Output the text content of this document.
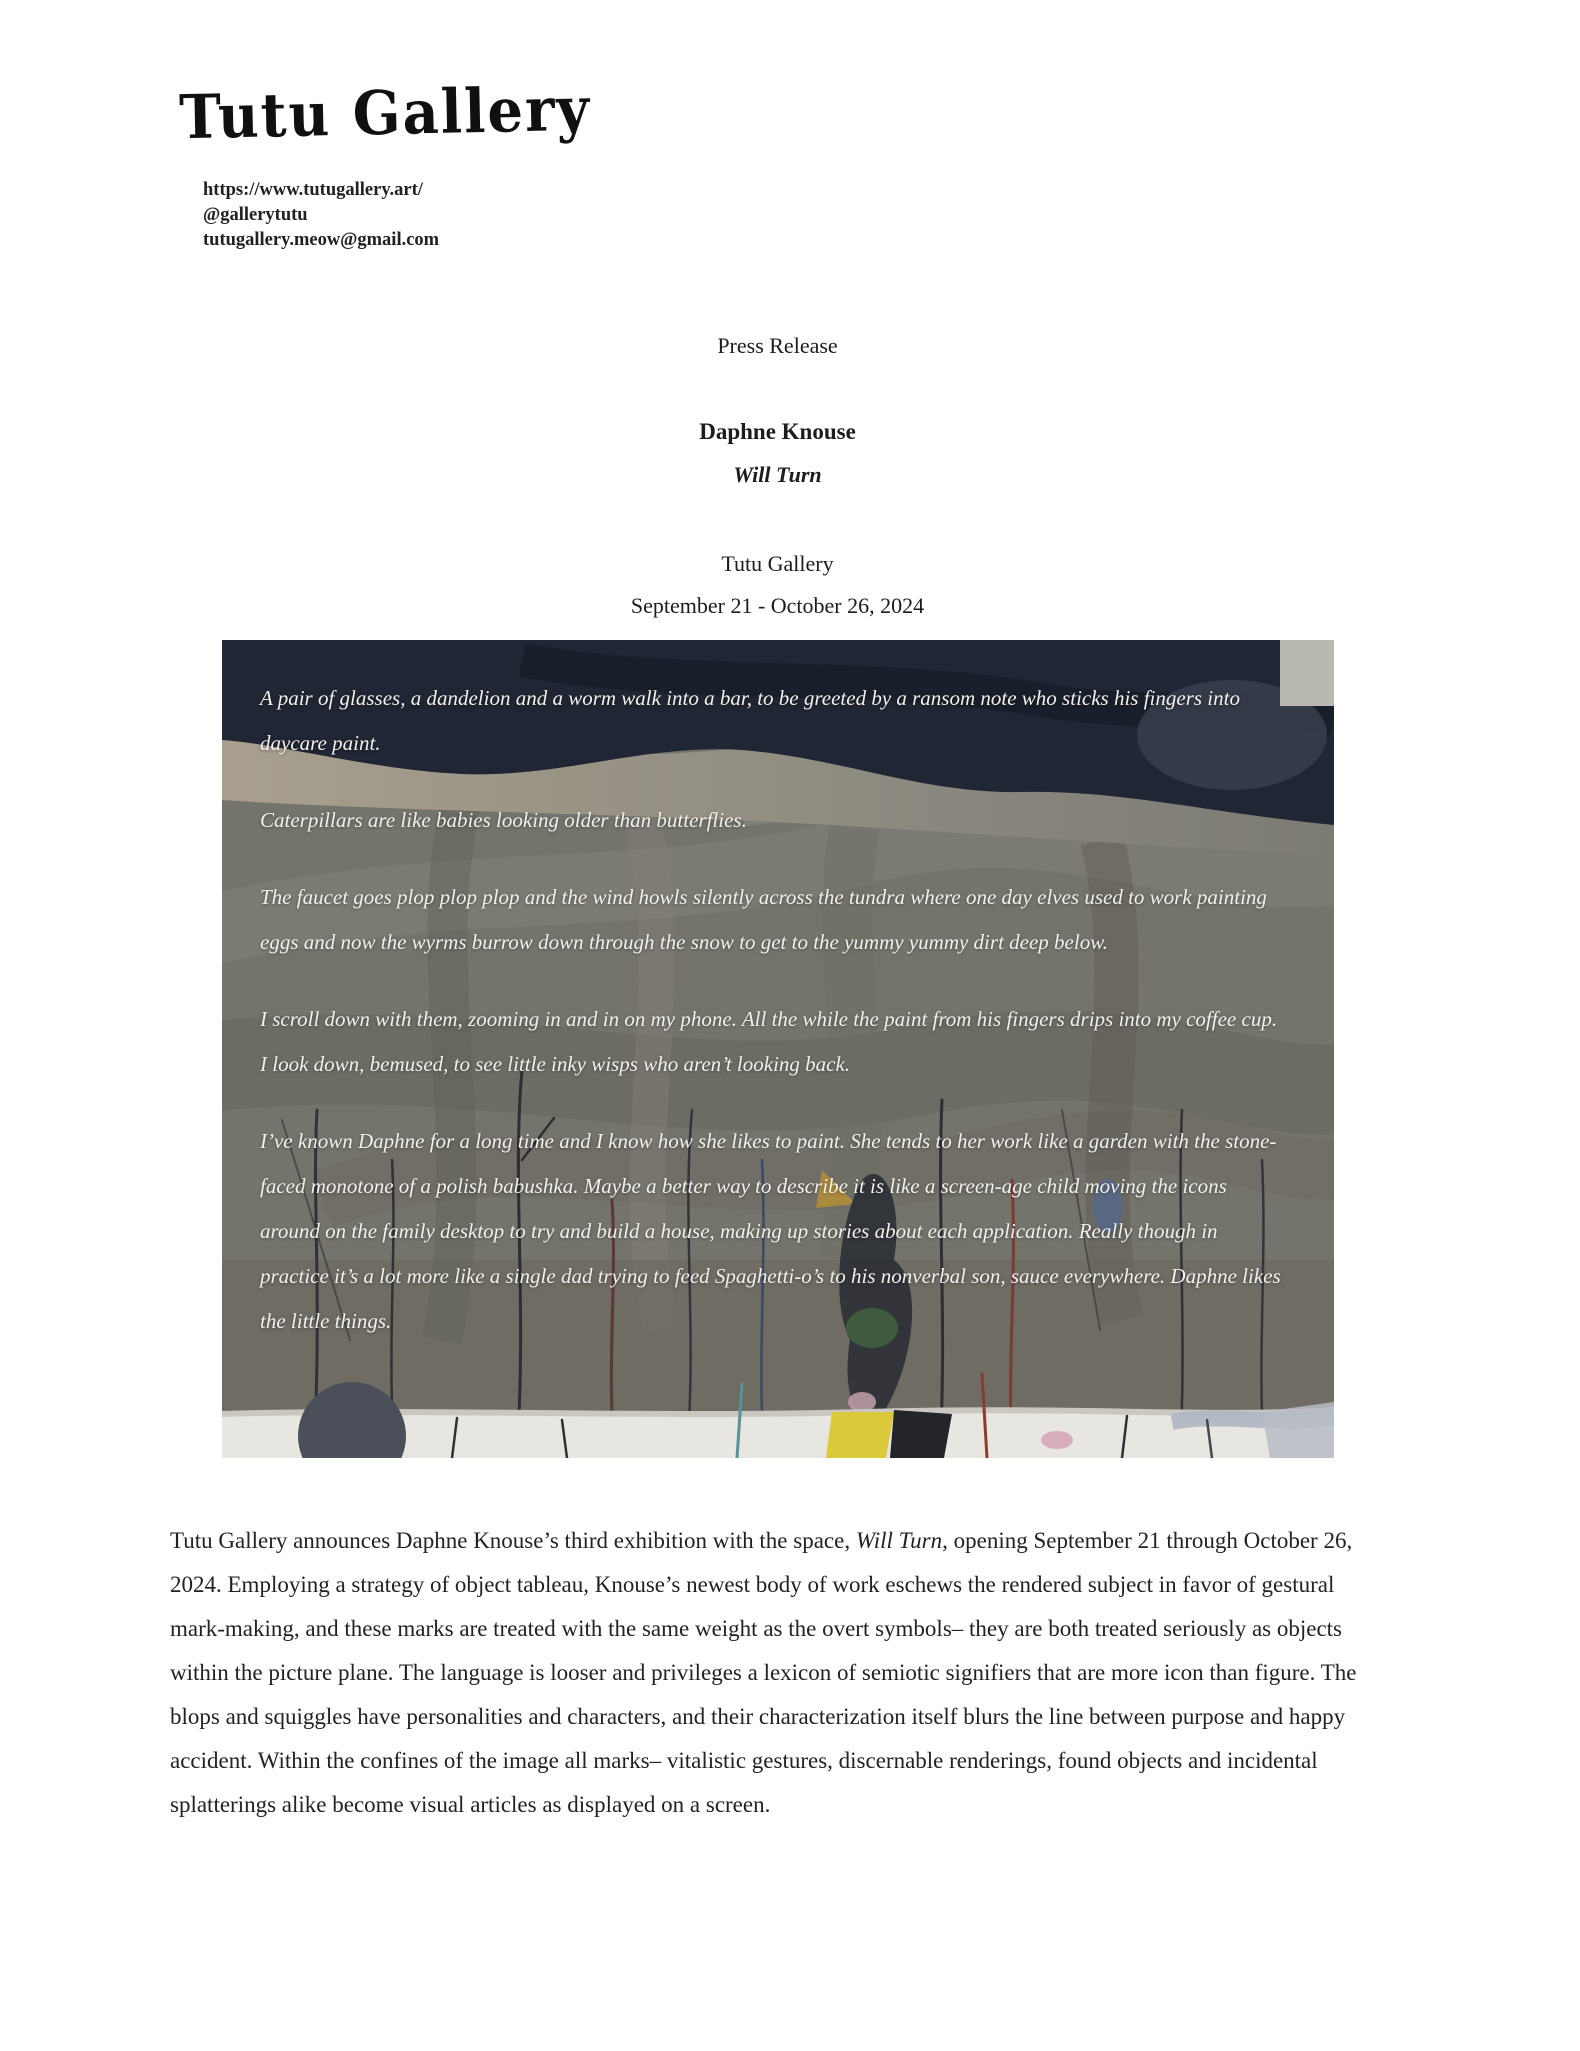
Tutu Gallery
https://www.tutugallery.art/
@gallerytutu
tutugallery.meow@gmail.com
Press Release
Daphne Knouse
Will Turn
Tutu Gallery
September 21 - October 26, 2024

A pair of glasses, a dandelion and a worm walk into a bar, to be greeted by a ransom note who sticks his fingers into daycare paint.

Caterpillars are like babies looking older than butterflies.

The faucet goes plop plop plop and the wind howls silently across the tundra where one day elves used to work painting eggs and now the wyrms burrow down through the snow to get to the yummy yummy dirt deep below.

I scroll down with them, zooming in and in on my phone. All the while the paint from his fingers drips into my coffee cup. I look down, bemused, to see little inky wisps who aren’t looking back.

I’ve known Daphne for a long time and I know how she likes to paint. She tends to her work like a garden with the stone-faced monotone of a polish babushka. Maybe a better way to describe it is like a screen-age child moving the icons around on the family desktop to try and build a house, making up stories about each application. Really though in practice it’s a lot more like a single dad trying to feed Spaghetti-o’s to his nonverbal son, sauce everywhere. Daphne likes the little things.

Tutu Gallery announces Daphne Knouse’s third exhibition with the space, Will Turn, opening September 21 through October 26, 2024. Employing a strategy of object tableau, Knouse’s newest body of work eschews the rendered subject in favor of gestural mark-making, and these marks are treated with the same weight as the overt symbols– they are both treated seriously as objects within the picture plane. The language is looser and privileges a lexicon of semiotic signifiers that are more icon than figure. The blops and squiggles have personalities and characters, and their characterization itself blurs the line between purpose and happy accident. Within the confines of the image all marks– vitalistic gestures, discernable renderings, found objects and incidental splatterings alike become visual articles as displayed on a screen.
